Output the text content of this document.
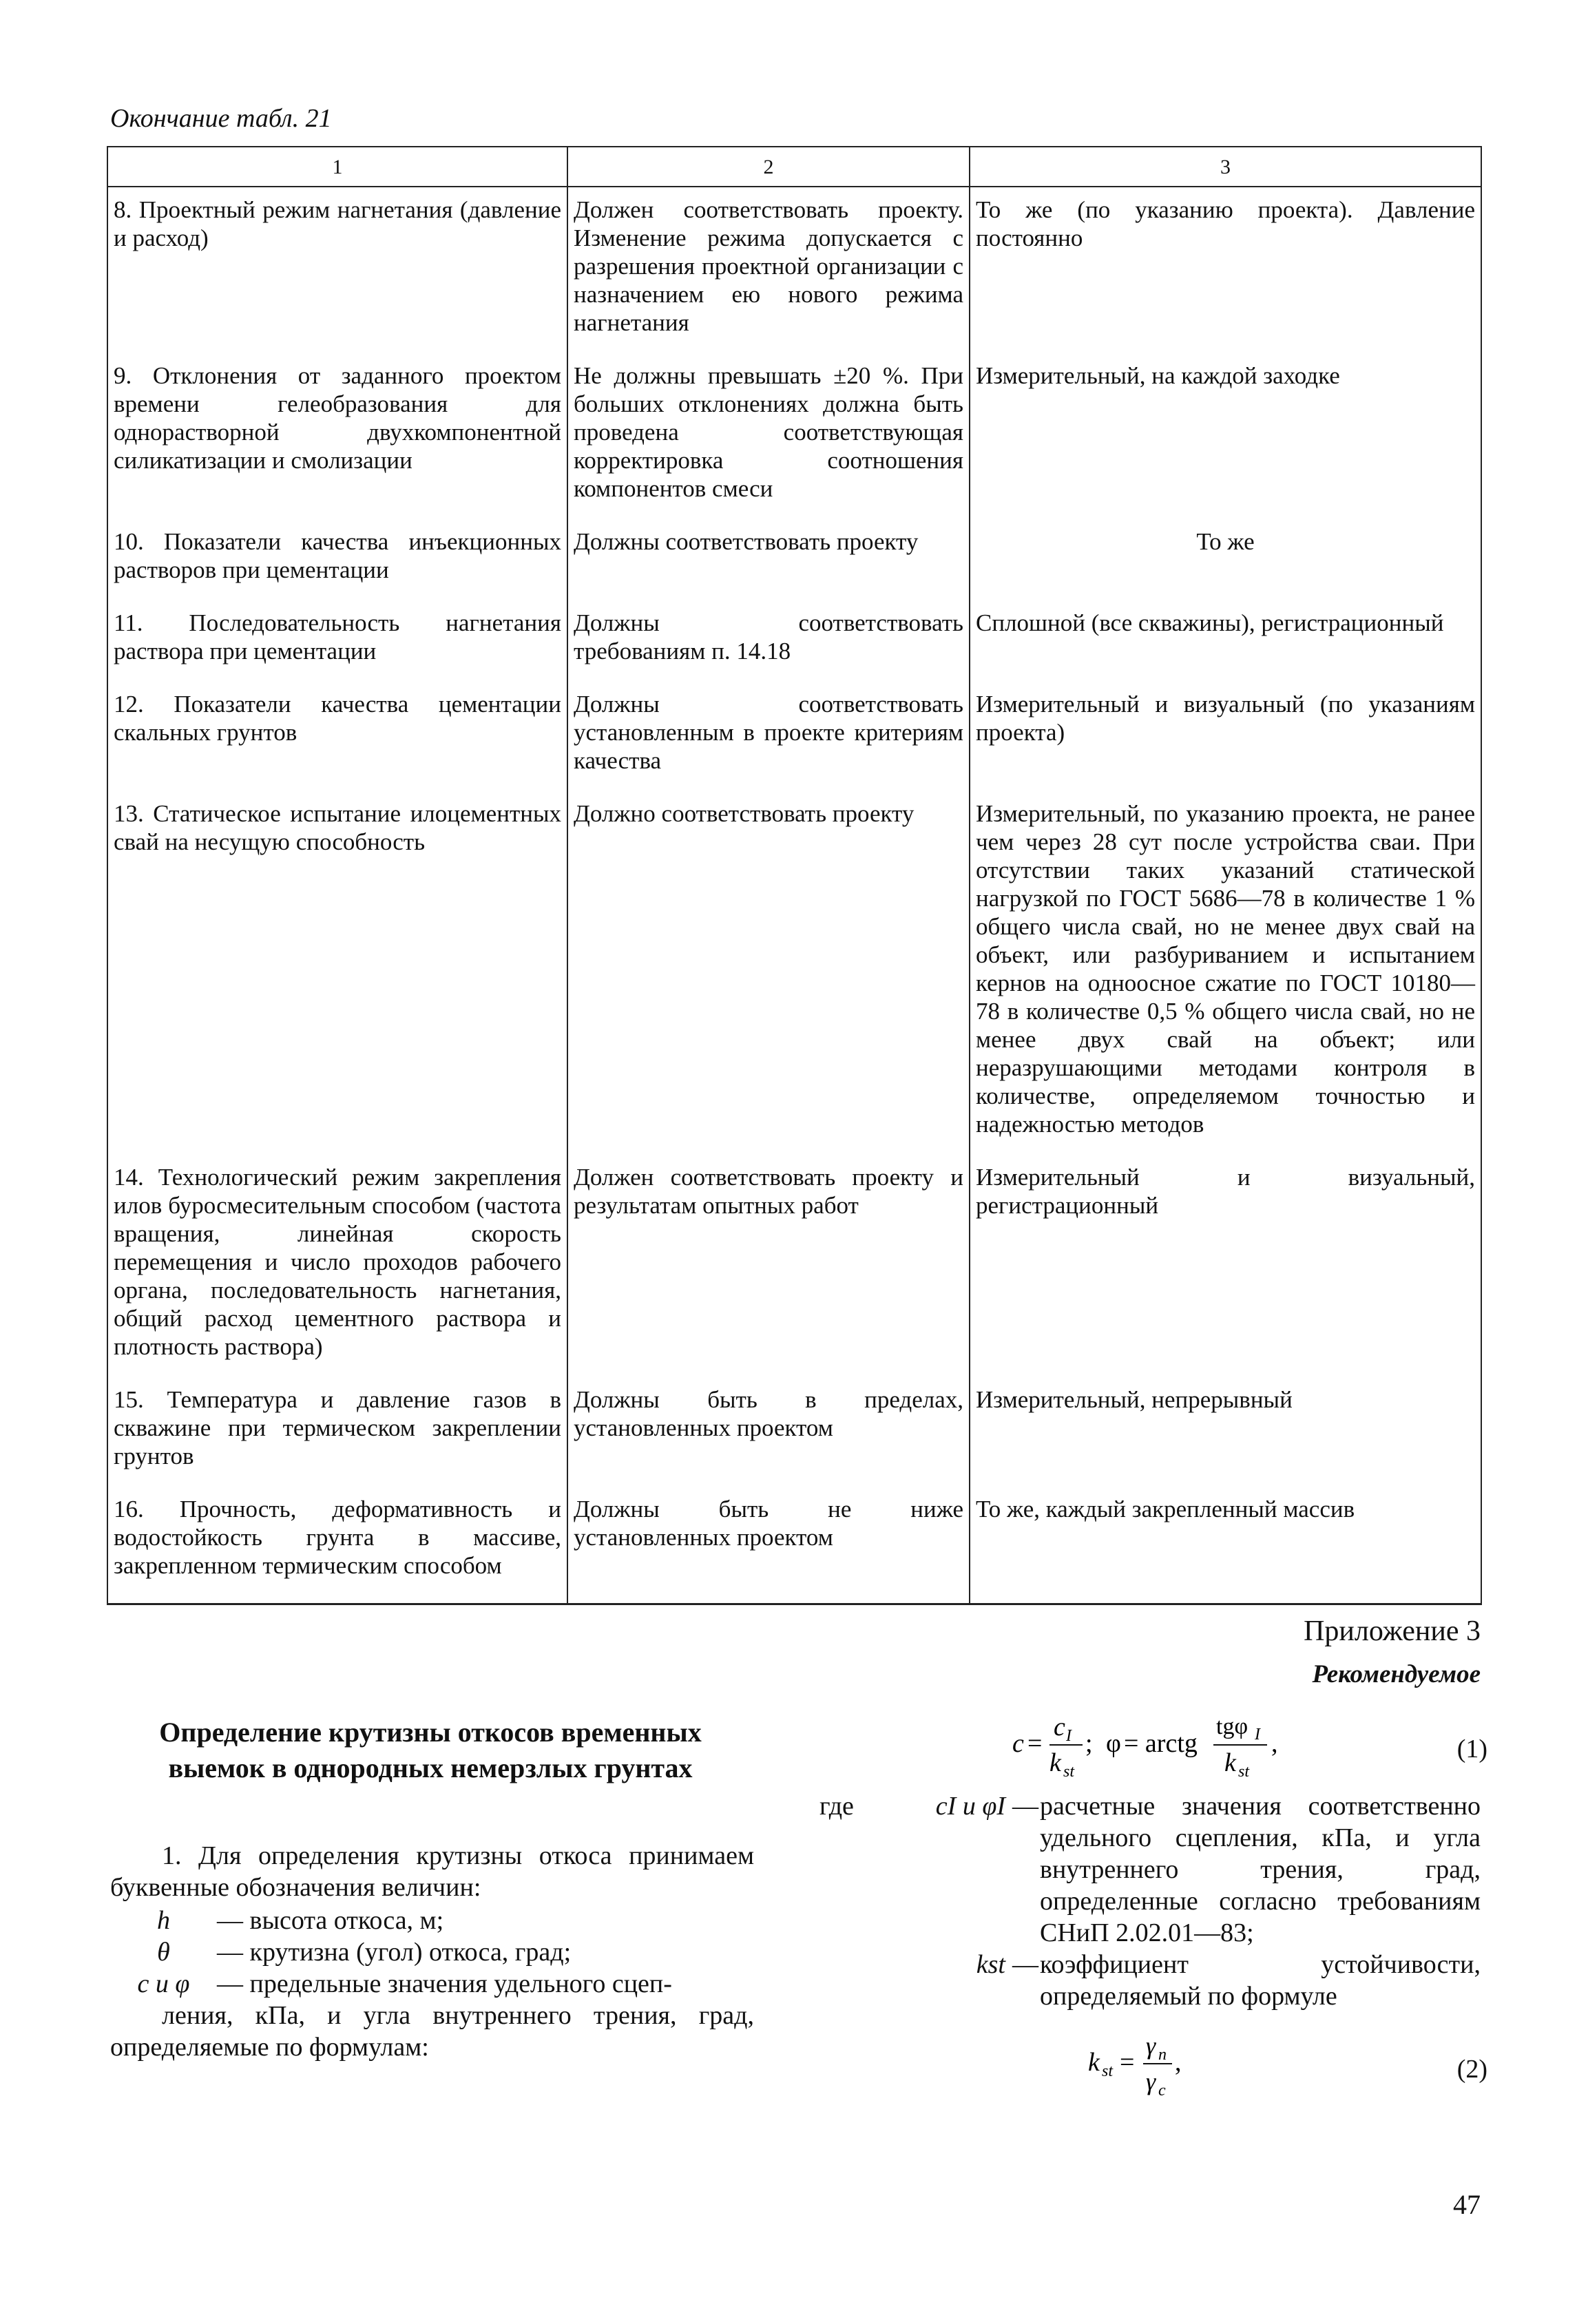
Окончание табл. 21
1	2	3
8. Проектный режим нагнетания (давление и расход)	Должен соответствовать проекту. Изменение режима допускается с разрешения проектной организации с назначением ею нового режима нагнетания	То же (по указанию проекта). Давление постоянно
9. Отклонения от заданного проектом времени гелеобразования для однорастворной двухкомпонентной силикатизации и смолизации	Не должны превышать ±20 %. При больших отклонениях должна быть проведена соответствующая корректировка соотношения компонентов смеси	Измерительный, на каждой заходке
10. Показатели качества инъекционных растворов при цементации	Должны соответствовать проекту	То же
11. Последовательность нагнетания раствора при цементации	Должны соответствовать требованиям п. 14.18	Сплошной (все скважины), регистрационный
12. Показатели качества цементации скальных грунтов	Должны соответствовать установленным в проекте критериям качества	Измерительный и визуальный (по указаниям проекта)
13. Статическое испытание илоцементных свай на несущую способность	Должно соответствовать проекту	Измерительный, по указанию проекта, не ранее чем через 28 сут после устройства сваи. При отсутствии таких указаний статической нагрузкой по ГОСТ 5686—78 в количестве 1 % общего числа свай, но не менее двух свай на объект, или разбуриванием и испытанием кернов на одноосное сжатие по ГОСТ 10180—78 в количестве 0,5 % общего числа свай, но не менее двух свай на объект; или неразрушающими методами контроля в количестве, определяемом точностью и надежностью методов
14. Технологический режим закрепления илов буросмесительным способом (частота вращения, линейная скорость перемещения и число проходов рабочего органа, последовательность нагнетания, общий расход цементного раствора и плотность раствора)	Должен соответствовать проекту и результатам опытных работ	Измерительный и визуальный, регистрационный
15. Температура и давление газов в скважине при термическом закреплении грунтов	Должны быть в пределах, установленных проектом	Измерительный, непрерывный
16. Прочность, деформативность и водостойкость грунта в массиве, закрепленном термическим способом	Должны быть не ниже установленных проектом	То же, каждый закрепленный массив
Приложение 3
Рекомендуемое
Определение крутизны откосов временных выемок в однородных немерзлых грунтах

1. Для определения крутизны откоса принимаем буквенные обозначения величин:

h	— высота откоса, м;
θ	— крутизна (угол) откоса, град;
c и φ	— предельные значения удельного сцеп-

ления, кПа, и угла внутреннего трения, град, определяемые по формулам:

c =
c I
k st
; φ = arctg
tgφ I
k st
,	(1)
где	cI и φI — расчетные значения соответственно удельного сцепления, кПа, и угла внутреннего трения, град, определенные согласно требованиям СНиП 2.02.01—83;
kst — коэффициент устойчивости, определяемый по формуле
k st =
γ n
γ c
,	(2)
47
